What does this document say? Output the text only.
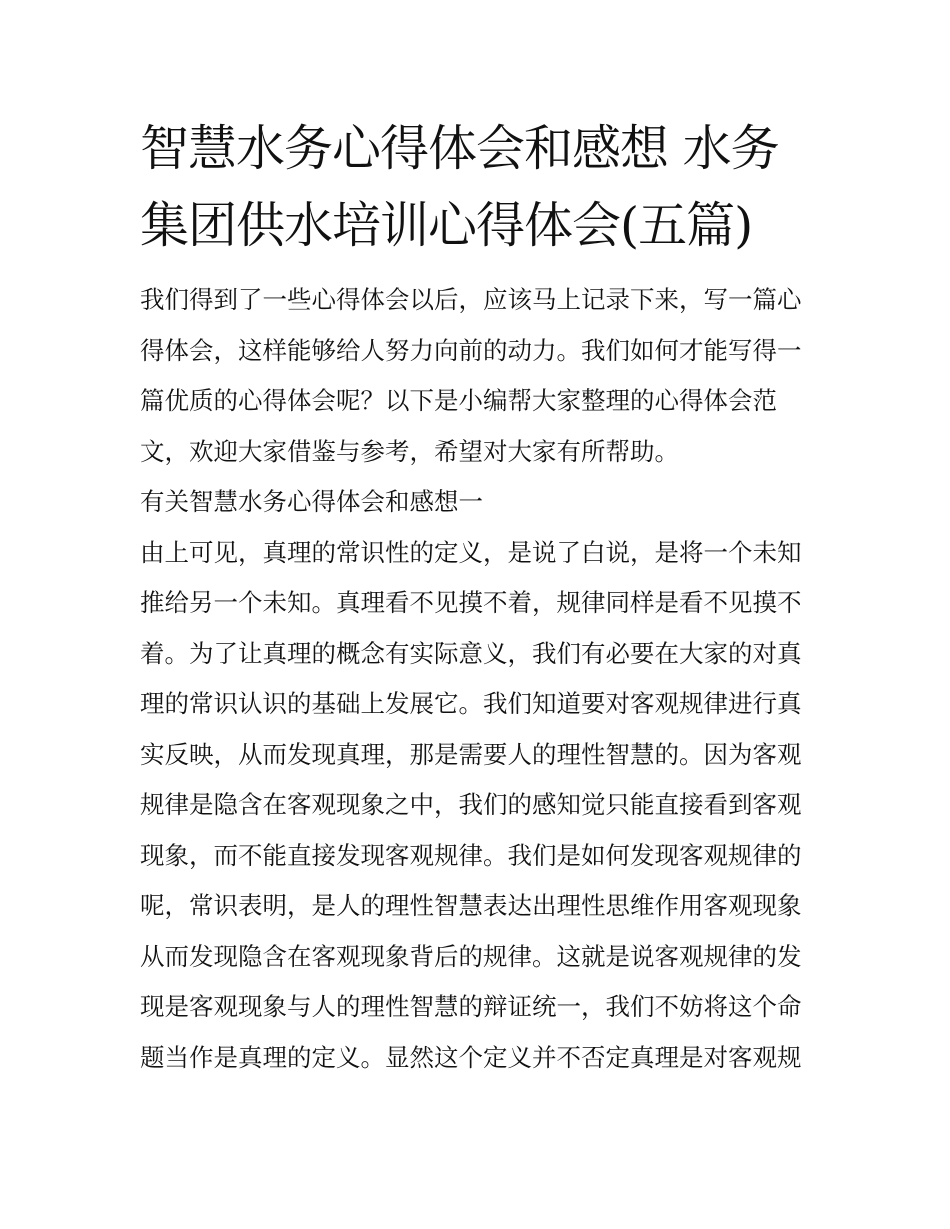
智慧水务心得体会和感想 水务
集团供水培训心得体会(五篇)
我们得到了一些心得体会以后，应该马上记录下来，写一篇心
得体会，这样能够给人努力向前的动力。我们如何才能写得一
篇优质的心得体会呢？以下是小编帮大家整理的心得体会范
文，欢迎大家借鉴与参考，希望对大家有所帮助。
有关智慧水务心得体会和感想一
由上可见，真理的常识性的定义，是说了白说，是将一个未知
推给另一个未知。真理看不见摸不着，规律同样是看不见摸不
着。为了让真理的概念有实际意义，我们有必要在大家的对真
理的常识认识的基础上发展它。我们知道要对客观规律进行真
实反映，从而发现真理，那是需要人的理性智慧的。因为客观
规律是隐含在客观现象之中，我们的感知觉只能直接看到客观
现象，而不能直接发现客观规律。我们是如何发现客观规律的
呢，常识表明，是人的理性智慧表达出理性思维作用客观现象
从而发现隐含在客观现象背后的规律。这就是说客观规律的发
现是客观现象与人的理性智慧的辩证统一，我们不妨将这个命
题当作是真理的定义。显然这个定义并不否定真理是对客观规
